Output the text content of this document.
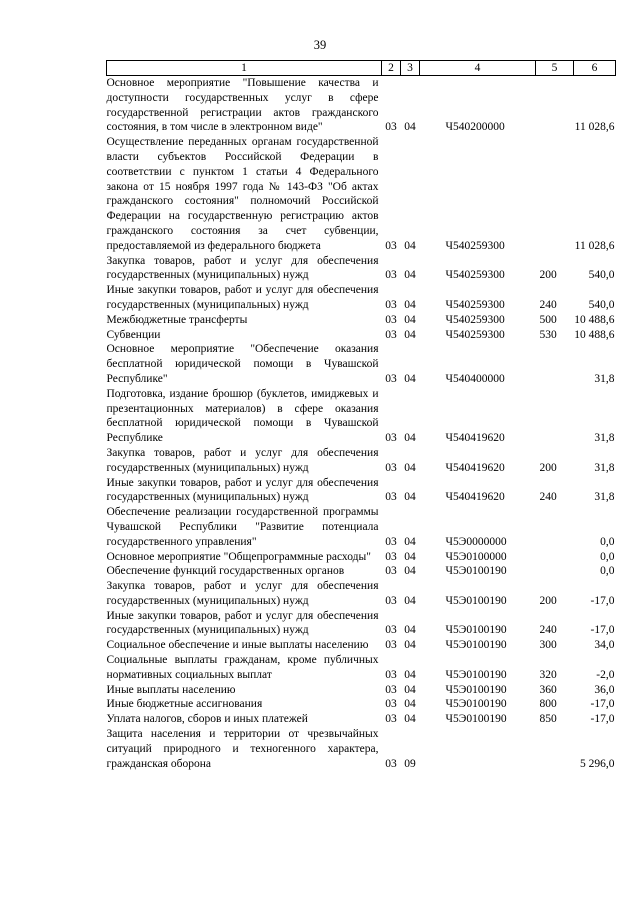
39
1	2	3	4	5	6
Основное мероприятие "Повышение качества и доступности государственных услуг в сфере государственной регистрации актов гражданского состояния, в том числе в электронном виде"	03	04	Ч540200000		11 028,6
Осуществление переданных органам государственной власти субъектов Российской Федерации в соответствии с пунктом 1 статьи 4 Федерального закона от 15 ноября 1997 года № 143-ФЗ "Об актах гражданского состояния" полномочий Российской Федерации на государственную регистрацию актов гражданского состояния за счет субвенции, предоставляемой из федерального бюджета	03	04	Ч540259300		11 028,6
Закупка товаров, работ и услуг для обеспечения государственных (муниципальных) нужд	03	04	Ч540259300	200	540,0
Иные закупки товаров, работ и услуг для обеспечения государственных (муниципальных) нужд	03	04	Ч540259300	240	540,0
Межбюджетные трансферты	03	04	Ч540259300	500	10 488,6
Субвенции	03	04	Ч540259300	530	10 488,6
Основное мероприятие "Обеспечение оказания бесплатной юридической помощи в Чувашской Республике"	03	04	Ч540400000		31,8
Подготовка, издание брошюр (буклетов, имиджевых и презентационных материалов) в сфере оказания бесплатной юридической помощи в Чувашской Республике	03	04	Ч540419620		31,8
Закупка товаров, работ и услуг для обеспечения государственных (муниципальных) нужд	03	04	Ч540419620	200	31,8
Иные закупки товаров, работ и услуг для обеспечения государственных (муниципальных) нужд	03	04	Ч540419620	240	31,8
Обеспечение реализации государственной программы Чувашской Республики "Развитие потенциала государственного управления"	03	04	Ч5Э0000000		0,0
Основное мероприятие "Общепрограммные расходы"	03	04	Ч5Э0100000		0,0
Обеспечение функций государственных органов	03	04	Ч5Э0100190		0,0
Закупка товаров, работ и услуг для обеспечения государственных (муниципальных) нужд	03	04	Ч5Э0100190	200	-17,0
Иные закупки товаров, работ и услуг для обеспечения государственных (муниципальных) нужд	03	04	Ч5Э0100190	240	-17,0
Социальное обеспечение и иные выплаты населению	03	04	Ч5Э0100190	300	34,0
Социальные выплаты гражданам, кроме публичных нормативных социальных выплат	03	04	Ч5Э0100190	320	-2,0
Иные выплаты населению	03	04	Ч5Э0100190	360	36,0
Иные бюджетные ассигнования	03	04	Ч5Э0100190	800	-17,0
Уплата налогов, сборов и иных платежей	03	04	Ч5Э0100190	850	-17,0
Защита населения и территории от чрезвычайных ситуаций природного и техногенного характера, гражданская оборона	03	09			5 296,0
